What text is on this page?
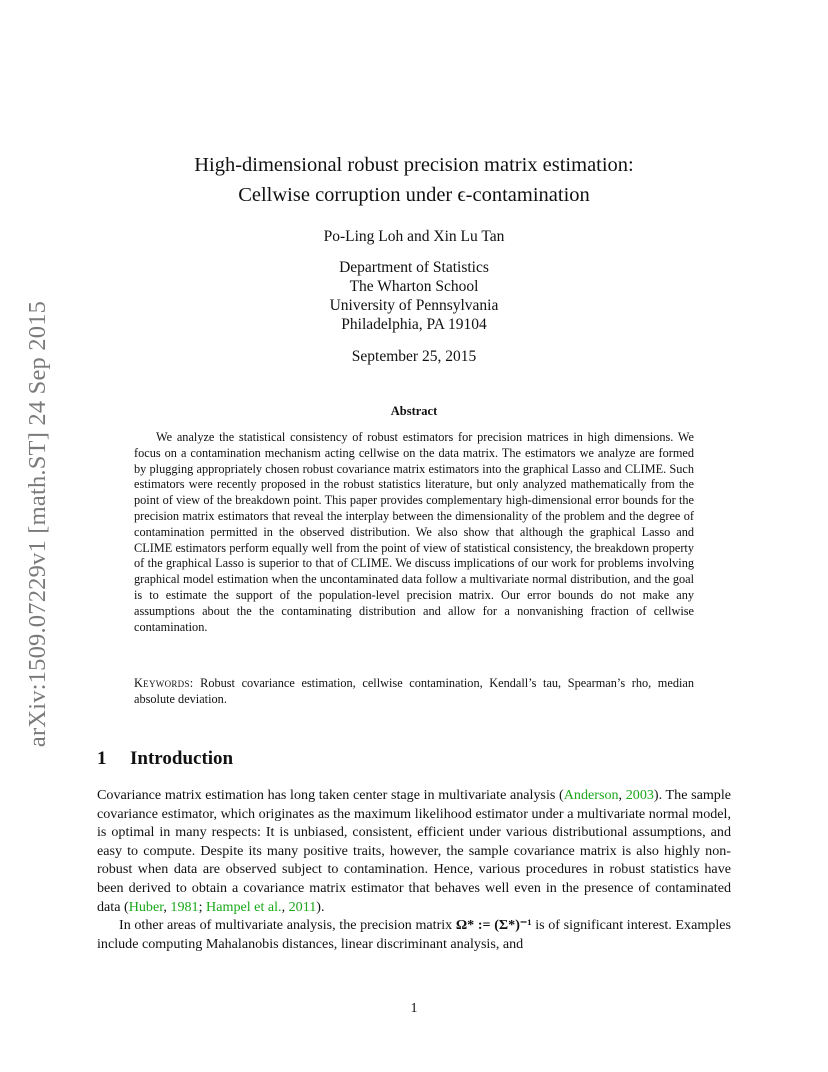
arXiv:1509.07229v1 [math.ST] 24 Sep 2015
High-dimensional robust precision matrix estimation:
Cellwise corruption under ϵ-contamination
Po-Ling Loh and Xin Lu Tan
Department of Statistics
The Wharton School
University of Pennsylvania
Philadelphia, PA 19104
September 25, 2015
Abstract
We analyze the statistical consistency of robust estimators for precision matrices in high dimensions. We focus on a contamination mechanism acting cellwise on the data matrix. The estimators we analyze are formed by plugging appropriately chosen robust covariance matrix estimators into the graphical Lasso and CLIME. Such estimators were recently proposed in the robust statistics literature, but only analyzed mathematically from the point of view of the breakdown point. This paper provides complementary high-dimensional error bounds for the precision matrix estimators that reveal the interplay between the dimensionality of the problem and the degree of contamination permitted in the observed distribution. We also show that although the graphical Lasso and CLIME estimators perform equally well from the point of view of statistical consistency, the breakdown property of the graphical Lasso is superior to that of CLIME. We discuss implications of our work for problems involving graphical model estimation when the uncontaminated data follow a multivariate normal distribution, and the goal is to estimate the support of the population-level precision matrix. Our error bounds do not make any assumptions about the the contaminating distribution and allow for a nonvanishing fraction of cellwise contamination.
Keywords: Robust covariance estimation, cellwise contamination, Kendall’s tau, Spearman’s rho, median absolute deviation.
1 Introduction

Covariance matrix estimation has long taken center stage in multivariate analysis (Anderson, 2003). The sample covariance estimator, which originates as the maximum likelihood estimator under a multivariate normal model, is optimal in many respects: It is unbiased, consistent, efficient under various distributional assumptions, and easy to compute. Despite its many positive traits, however, the sample covariance matrix is also highly non-robust when data are observed subject to contamination. Hence, various procedures in robust statistics have been derived to obtain a covariance matrix estimator that behaves well even in the presence of contaminated data (Huber, 1981; Hampel et al., 2011).

In other areas of multivariate analysis, the precision matrix Ω* := (Σ*)⁻¹ is of significant interest. Examples include computing Mahalanobis distances, linear discriminant analysis, and

1
